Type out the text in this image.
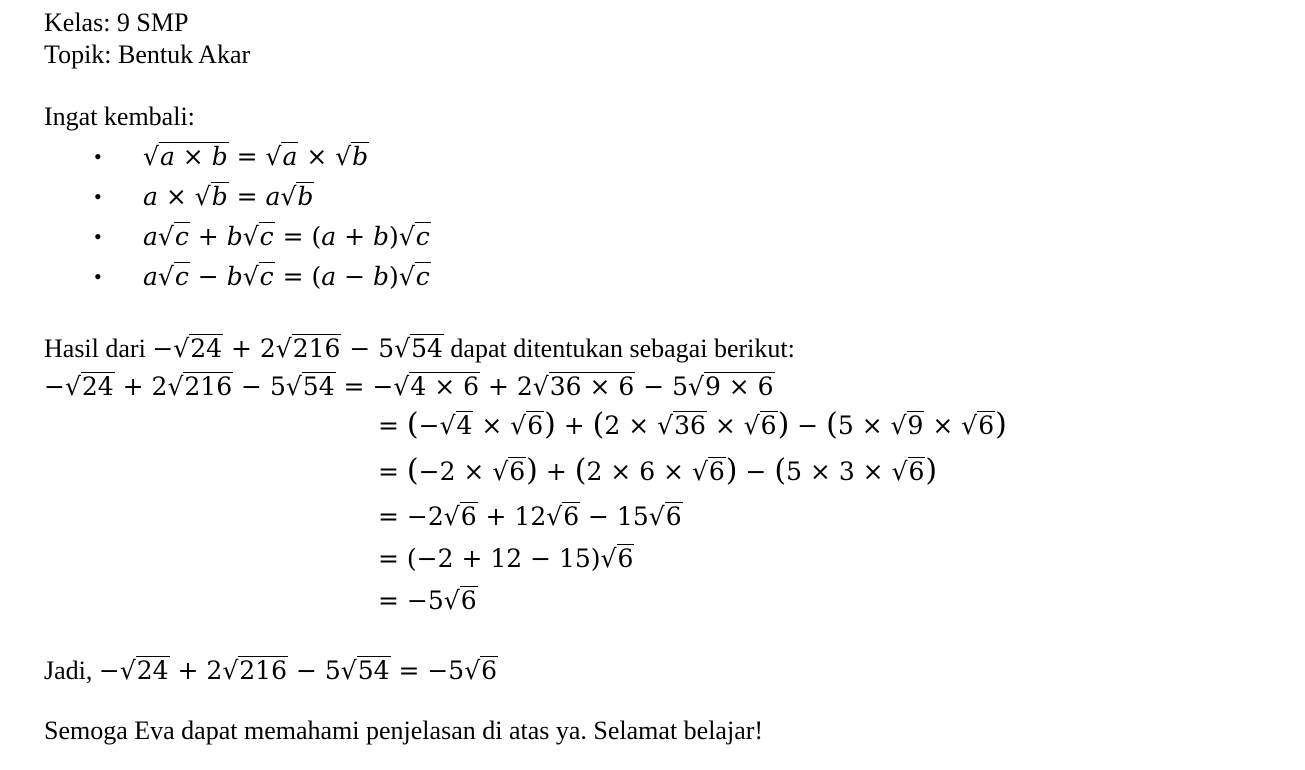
Kelas: 9 SMP
Topik: Bentuk Akar
Ingat kembali:
• √a × b = √a × √b
• a × √b = a√b
• a√c + b√c = (a + b)√c
• a√c − b√c = (a − b)√c
Hasil dari −√24 + 2√216 − 5√54 dapat ditentukan sebagai berikut:
−√24 + 2√216 − 5√54 = −√4 × 6 + 2√36 × 6 − 5√9 × 6
= (−√4 × √6) + (2 × √36 × √6) − (5 × √9 × √6)
= (−2 × √6) + (2 × 6 × √6) − (5 × 3 × √6)
= −2√6 + 12√6 − 15√6
= (−2 + 12 − 15)√6
= −5√6
Jadi, −√24 + 2√216 − 5√54 = −5√6
Semoga Eva dapat memahami penjelasan di atas ya. Selamat belajar!
